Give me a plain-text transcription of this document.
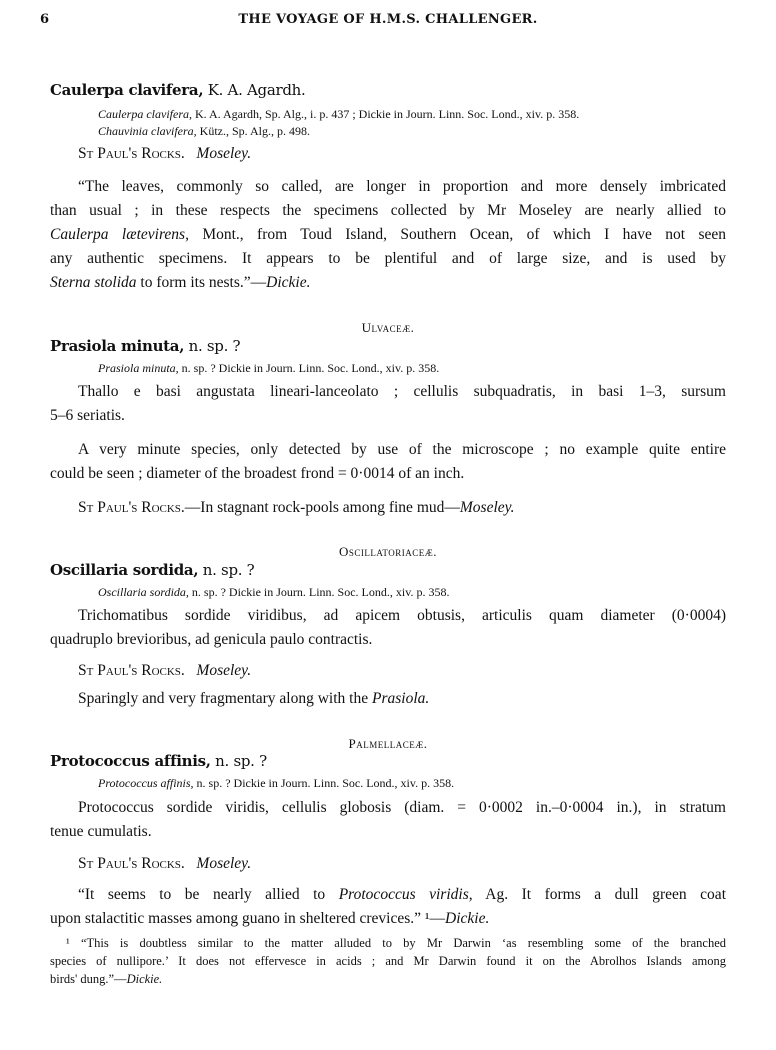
6	THE VOYAGE OF H.M.S. CHALLENGER.
Caulerpa clavifera, K. A. Agardh.
Caulerpa clavifera, K. A. Agardh, Sp. Alg., i. p. 437 ; Dickie in Journ. Linn. Soc. Lond., xiv. p. 358.
Chauvinia clavifera, Kütz., Sp. Alg., p. 498.
St Paul's Rocks. Moseley.
“The leaves, commonly so called, are longer in proportion and more densely imbricated
than usual ; in these respects the specimens collected by Mr Moseley are nearly allied to
Caulerpa lætevirens, Mont., from Toud Island, Southern Ocean, of which I have not seen
any authentic specimens. It appears to be plentiful and of large size, and is used by
Sterna stolida to form its nests.”—Dickie.
Ulvaceæ.
Prasiola minuta, n. sp. ?
Prasiola minuta, n. sp. ? Dickie in Journ. Linn. Soc. Lond., xiv. p. 358.
Thallo e basi angustata lineari-lanceolato ; cellulis subquadratis, in basi 1–3, sursum
5–6 seriatis.
A very minute species, only detected by use of the microscope ; no example quite entire
could be seen ; diameter of the broadest frond = 0·0014 of an inch.
St Paul's Rocks.—In stagnant rock-pools among fine mud—Moseley.
Oscillatoriaceæ.
Oscillaria sordida, n. sp. ?
Oscillaria sordida, n. sp. ? Dickie in Journ. Linn. Soc. Lond., xiv. p. 358.
Trichomatibus sordide viridibus, ad apicem obtusis, articulis quam diameter (0·0004)
quadruplo brevioribus, ad genicula paulo contractis.
St Paul's Rocks. Moseley.
Sparingly and very fragmentary along with the Prasiola.
Palmellaceæ.
Protococcus affinis, n. sp. ?
Protococcus affinis, n. sp. ? Dickie in Journ. Linn. Soc. Lond., xiv. p. 358.
Protococcus sordide viridis, cellulis globosis (diam. = 0·0002 in.–0·0004 in.), in stratum
tenue cumulatis.
St Paul's Rocks. Moseley.
“It seems to be nearly allied to Protococcus viridis, Ag. It forms a dull green coat
upon stalactitic masses among guano in sheltered crevices.” ¹—Dickie.
¹ “This is doubtless similar to the matter alluded to by Mr Darwin ‘as resembling some of the branched
species of nullipore.’ It does not effervesce in acids ; and Mr Darwin found it on the Abrolhos Islands among
birds' dung.”—Dickie.
